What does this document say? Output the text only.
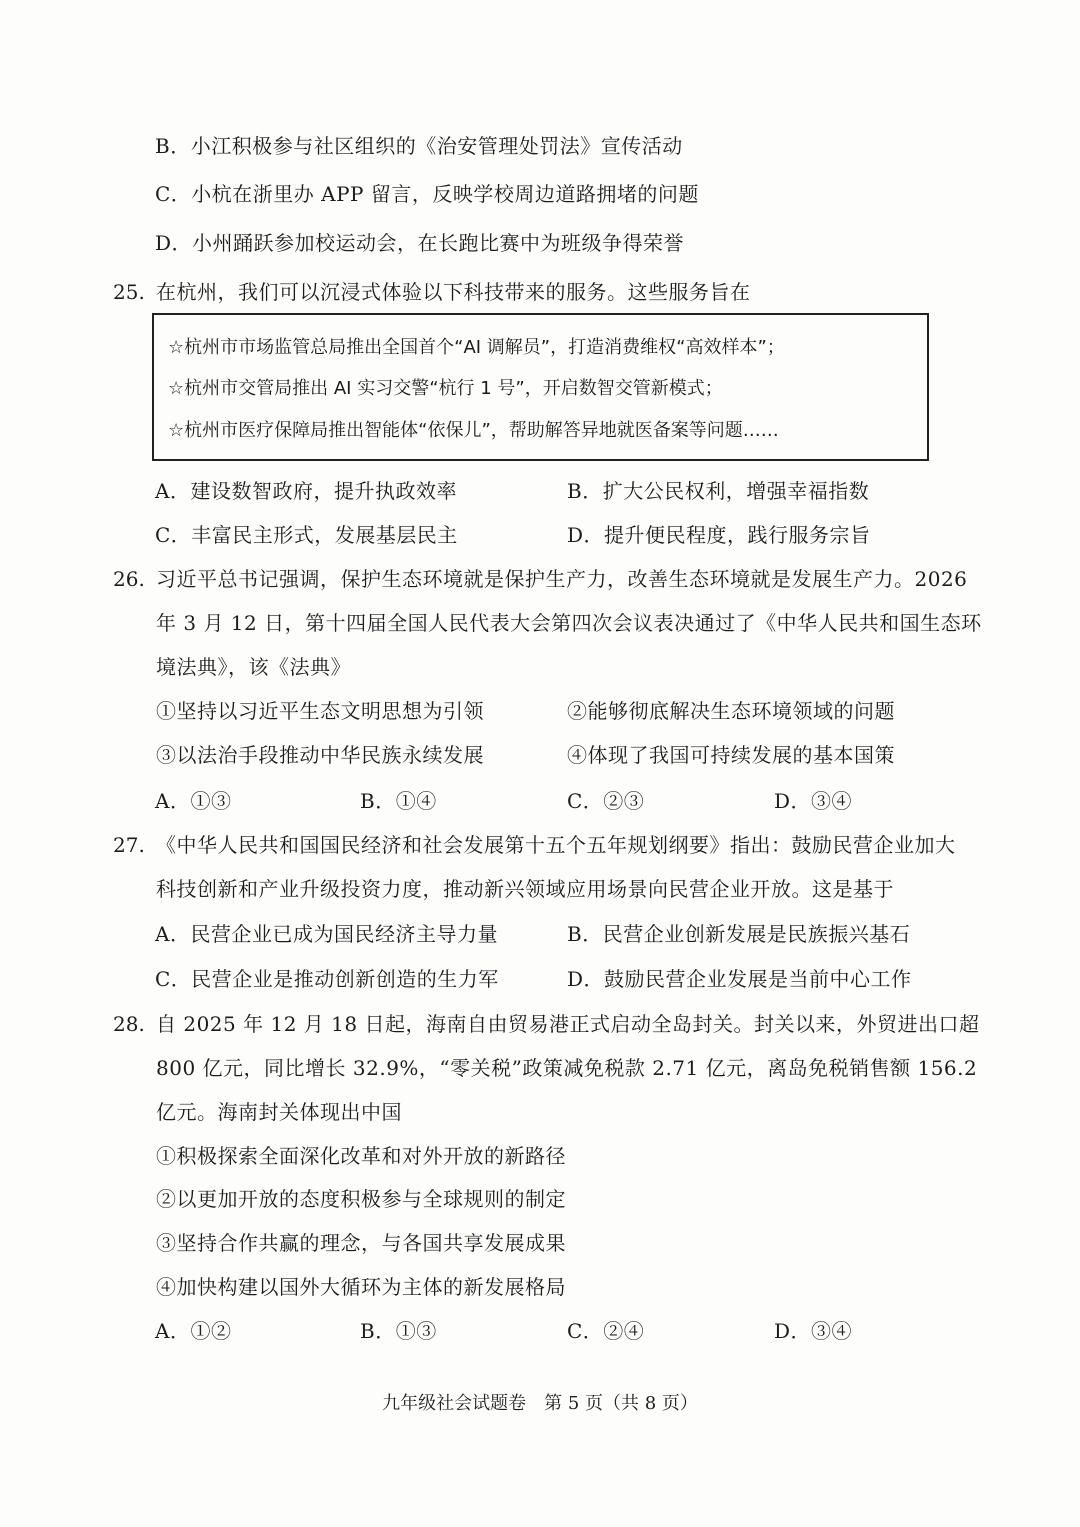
B．小江积极参与社区组织的《治安管理处罚法》宣传活动
C．小杭在浙里办 APP 留言，反映学校周边道路拥堵的问题
D．小州踊跃参加校运动会，在长跑比赛中为班级争得荣誉
25. 在杭州，我们可以沉浸式体验以下科技带来的服务。这些服务旨在
☆杭州市市场监管总局推出全国首个“AI 调解员”，打造消费维权“高效样本”；
☆杭州市交管局推出 AI 实习交警“杭行 1 号”，开启数智交管新模式；
☆杭州市医疗保障局推出智能体“依保儿”，帮助解答异地就医备案等问题……
A．建设数智政府，提升执政效率	B．扩大公民权利，增强幸福指数
C．丰富民主形式，发展基层民主	D．提升便民程度，践行服务宗旨
26. 习近平总书记强调，保护生态环境就是保护生产力，改善生态环境就是发展生产力。2026
年 3 月 12 日，第十四届全国人民代表大会第四次会议表决通过了《中华人民共和国生态环
境法典》，该《法典》
①坚持以习近平生态文明思想为引领	②能够彻底解决生态环境领域的问题
③以法治手段推动中华民族永续发展	④体现了我国可持续发展的基本国策
A．①③	B．①④	C．②③	D．③④
27. 《中华人民共和国国民经济和社会发展第十五个五年规划纲要》指出：鼓励民营企业加大
科技创新和产业升级投资力度，推动新兴领域应用场景向民营企业开放。这是基于
A．民营企业已成为国民经济主导力量	B．民营企业创新发展是民族振兴基石
C．民营企业是推动创新创造的生力军	D．鼓励民营企业发展是当前中心工作
28. 自 2025 年 12 月 18 日起，海南自由贸易港正式启动全岛封关。封关以来，外贸进出口超
800 亿元，同比增长 32.9%，“零关税”政策减免税款 2.71 亿元，离岛免税销售额 156.2
亿元。海南封关体现出中国
①积极探索全面深化改革和对外开放的新路径
②以更加开放的态度积极参与全球规则的制定
③坚持合作共赢的理念，与各国共享发展成果
④加快构建以国外大循环为主体的新发展格局
A．①②	B．①③	C．②④	D．③④
九年级社会试题卷　第 5 页（共 8 页）
